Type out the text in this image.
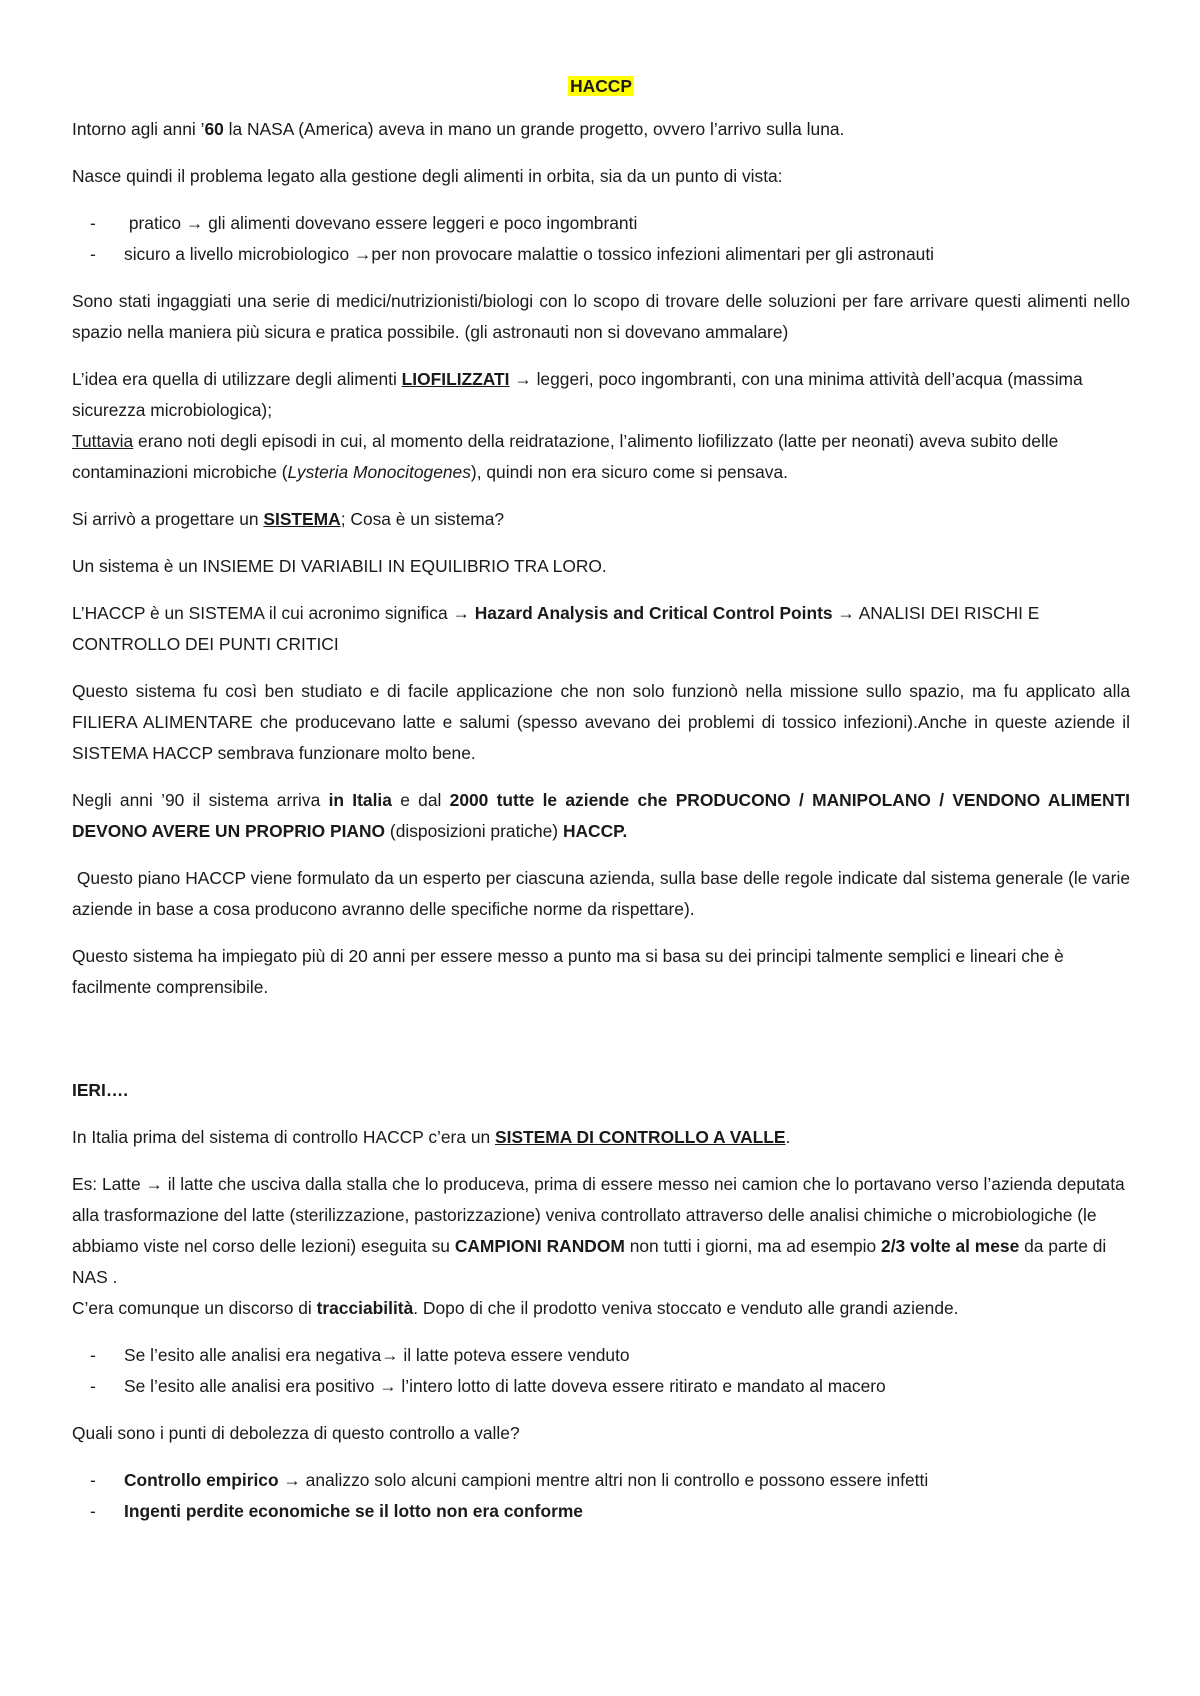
HACCP

Intorno agli anni ’60 la NASA (America) aveva in mano un grande progetto, ovvero l’arrivo sulla luna.

Nasce quindi il problema legato alla gestione degli alimenti in orbita, sia da un punto di vista:

- pratico → gli alimenti dovevano essere leggeri e poco ingombranti
- sicuro a livello microbiologico →per non provocare malattie o tossico infezioni alimentari per gli astronauti

Sono stati ingaggiati una serie di medici/nutrizionisti/biologi con lo scopo di trovare delle soluzioni per fare arrivare questi alimenti nello spazio nella maniera più sicura e pratica possibile. (gli astronauti non si dovevano ammalare)

L’idea era quella di utilizzare degli alimenti LIOFILIZZATI → leggeri, poco ingombranti, con una minima attività dell’acqua (massima sicurezza microbiologica);

Tuttavia erano noti degli episodi in cui, al momento della reidratazione, l’alimento liofilizzato (latte per neonati) aveva subito delle contaminazioni microbiche (Lysteria Monocitogenes), quindi non era sicuro come si pensava.

Si arrivò a progettare un SISTEMA; Cosa è un sistema?

Un sistema è un INSIEME DI VARIABILI IN EQUILIBRIO TRA LORO.

L’HACCP è un SISTEMA il cui acronimo significa → Hazard Analysis and Critical Control Points → ANALISI DEI RISCHI E CONTROLLO DEI PUNTI CRITICI

Questo sistema fu così ben studiato e di facile applicazione che non solo funzionò nella missione sullo spazio, ma fu applicato alla FILIERA ALIMENTARE che producevano latte e salumi (spesso avevano dei problemi di tossico infezioni).Anche in queste aziende il SISTEMA HACCP sembrava funzionare molto bene.

Negli anni ’90 il sistema arriva in Italia e dal 2000 tutte le aziende che PRODUCONO / MANIPOLANO / VENDONO ALIMENTI DEVONO AVERE UN PROPRIO PIANO (disposizioni pratiche) HACCP.

Questo piano HACCP viene formulato da un esperto per ciascuna azienda, sulla base delle regole indicate dal sistema generale (le varie aziende in base a cosa producono avranno delle specifiche norme da rispettare).

Questo sistema ha impiegato più di 20 anni per essere messo a punto ma si basa su dei principi talmente semplici e lineari che è facilmente comprensibile.

IERI….

In Italia prima del sistema di controllo HACCP c’era un SISTEMA DI CONTROLLO A VALLE.

Es: Latte → il latte che usciva dalla stalla che lo produceva, prima di essere messo nei camion che lo portavano verso l’azienda deputata alla trasformazione del latte (sterilizzazione, pastorizzazione) veniva controllato attraverso delle analisi chimiche o microbiologiche (le abbiamo viste nel corso delle lezioni) eseguita su CAMPIONI RANDOM non tutti i giorni, ma ad esempio 2/3 volte al mese da parte di NAS .

C’era comunque un discorso di tracciabilità. Dopo di che il prodotto veniva stoccato e venduto alle grandi aziende.

- Se l’esito alle analisi era negativa→ il latte poteva essere venduto
- Se l’esito alle analisi era positivo → l’intero lotto di latte doveva essere ritirato e mandato al macero

Quali sono i punti di debolezza di questo controllo a valle?

- Controllo empirico → analizzo solo alcuni campioni mentre altri non li controllo e possono essere infetti
- Ingenti perdite economiche se il lotto non era conforme
